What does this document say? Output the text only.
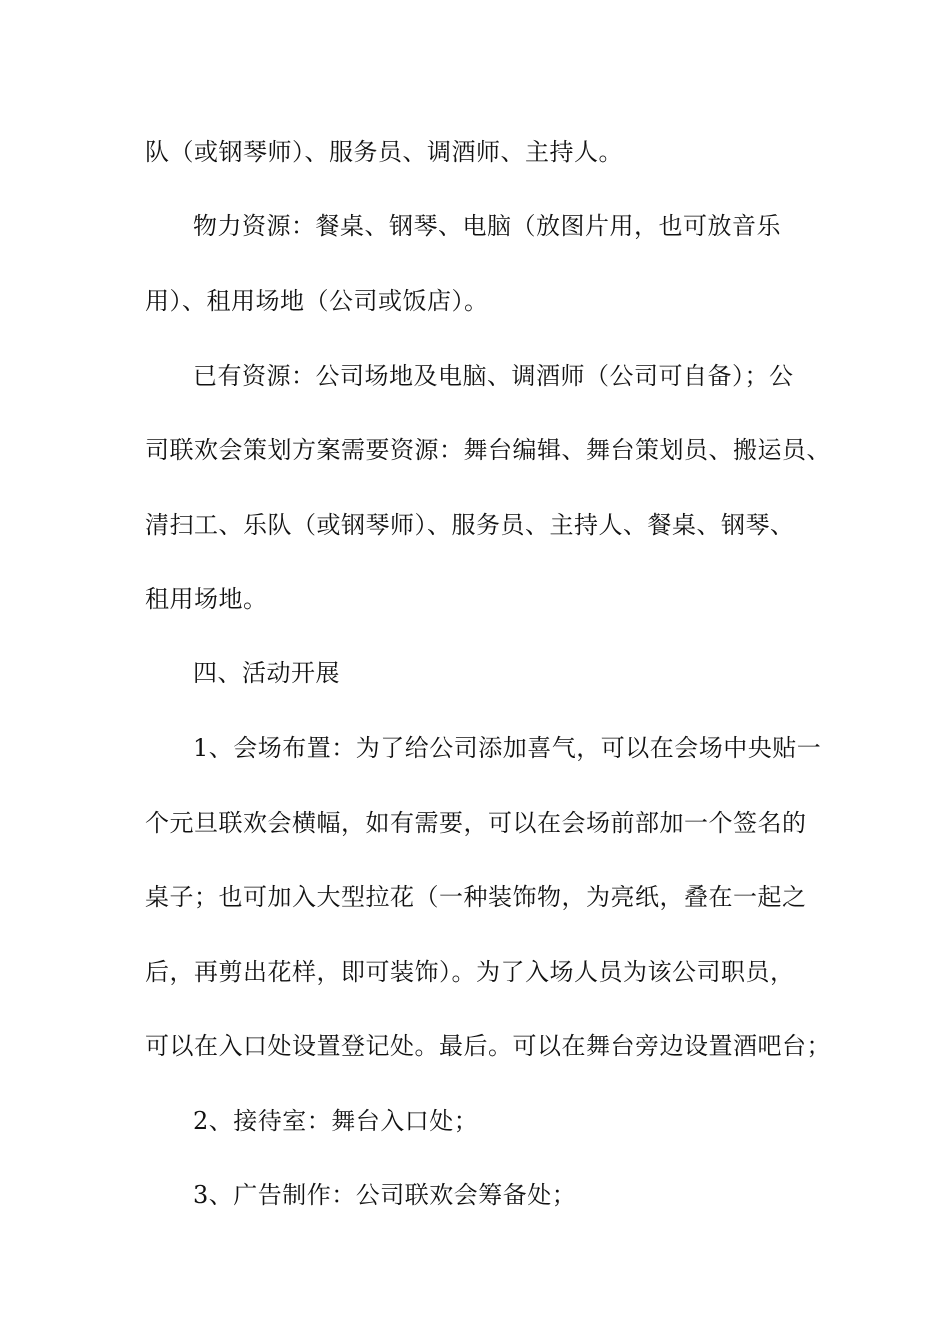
队（或钢琴师）、服务员、调酒师、主持人。
物力资源：餐桌、钢琴、电脑（放图片用，也可放音乐
用）、租用场地（公司或饭店）。
已有资源：公司场地及电脑、调酒师（公司可自备）；公
司联欢会策划方案需要资源：舞台编辑、舞台策划员、搬运员、
清扫工、乐队（或钢琴师）、服务员、主持人、餐桌、钢琴、
租用场地。
四、活动开展
1、会场布置：为了给公司添加喜气，可以在会场中央贴一
个元旦联欢会横幅，如有需要，可以在会场前部加一个签名的
桌子；也可加入大型拉花（一种装饰物，为亮纸，叠在一起之
后，再剪出花样，即可装饰）。为了入场人员为该公司职员，
可以在入口处设置登记处。最后。可以在舞台旁边设置酒吧台；
2、接待室：舞台入口处；
3、广告制作：公司联欢会筹备处；
